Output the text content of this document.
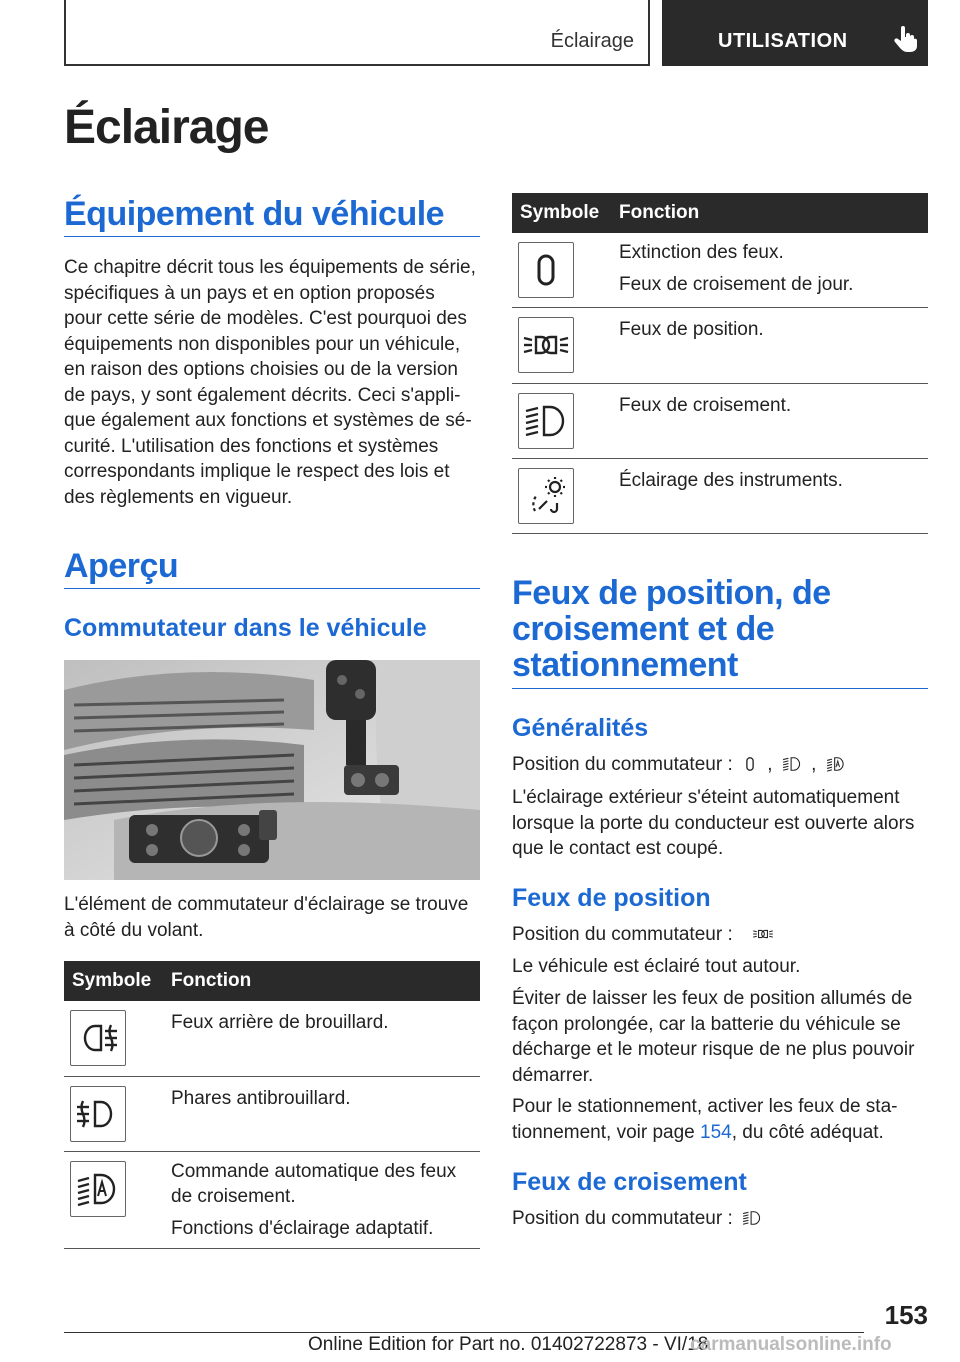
Éclairage	UTILISATION
Éclairage
Équipement du véhicule
Ce chapitre décrit tous les équipements de série,
spécifiques à un pays et en option proposés
pour cette série de modèles. C'est pourquoi des
équipements non disponibles pour un véhicule,
en raison des options choisies ou de la version
de pays, y sont également décrits. Ceci s'appli-
que également aux fonctions et systèmes de sé-
curité. L'utilisation des fonctions et systèmes
correspondants implique le respect des lois et
des règlements en vigueur.
Aperçu
Commutateur dans le véhicule
L'élément de commutateur d'éclairage se trouve
à côté du volant.
Symbole Fonction
Feux arrière de brouillard.
Phares antibrouillard.
Commande automatique des feux
de croisement.
Fonctions d'éclairage adaptatif.
Symbole Fonction
Extinction des feux.
Feux de croisement de jour.
Feux de position.
Feux de croisement.
Éclairage des instruments.
Feux de position, de
croisement et de
stationnement
Généralités
Position du commutateur : , ,
L'éclairage extérieur s'éteint automatiquement
lorsque la porte du conducteur est ouverte alors
que le contact est coupé.
Feux de position
Position du commutateur :
Le véhicule est éclairé tout autour.
Éviter de laisser les feux de position allumés de
façon prolongée, car la batterie du véhicule se
décharge et le moteur risque de ne plus pouvoir
démarrer.
Pour le stationnement, activer les feux de sta-
tionnement, voir page 154, du côté adéquat.
Feux de croisement
Position du commutateur :
153
Online Edition for Part no. 01402722873 - VI/18
carmanualsonline.info
